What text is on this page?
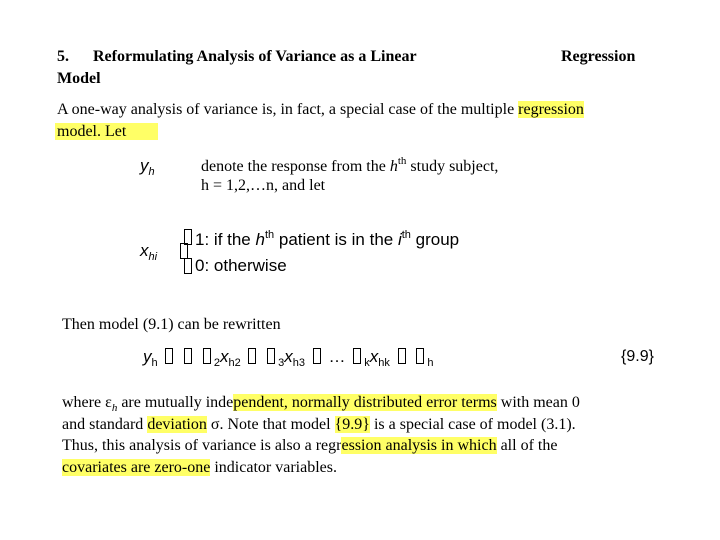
5. Reformulating Analysis of Variance as a Linear	Regression
Model
A one-way analysis of variance is, in fact, a special case of the multiple regression
model. Let
$y_h$	denote the response from the $h^{th}$ study subject,
h = 1,2,…n, and let
$x_{hi}$
1: if the $h^{th}$ patient is in the $i^{th}$ group
0: otherwise
Then model (9.1) can be rewritten
$y_h$	$_2x_{h2}$	$_3x_{h3}$ … $_kx_{hk}$	$_h$	{9.9}
where $\varepsilon_h$ are mutually independent, normally distributed error terms with mean 0
and standard deviation σ. Note that model {9.9} is a special case of model (3.1).
Thus, this analysis of variance is also a regression analysis in which all of the
covariates are zero-one indicator variables.
